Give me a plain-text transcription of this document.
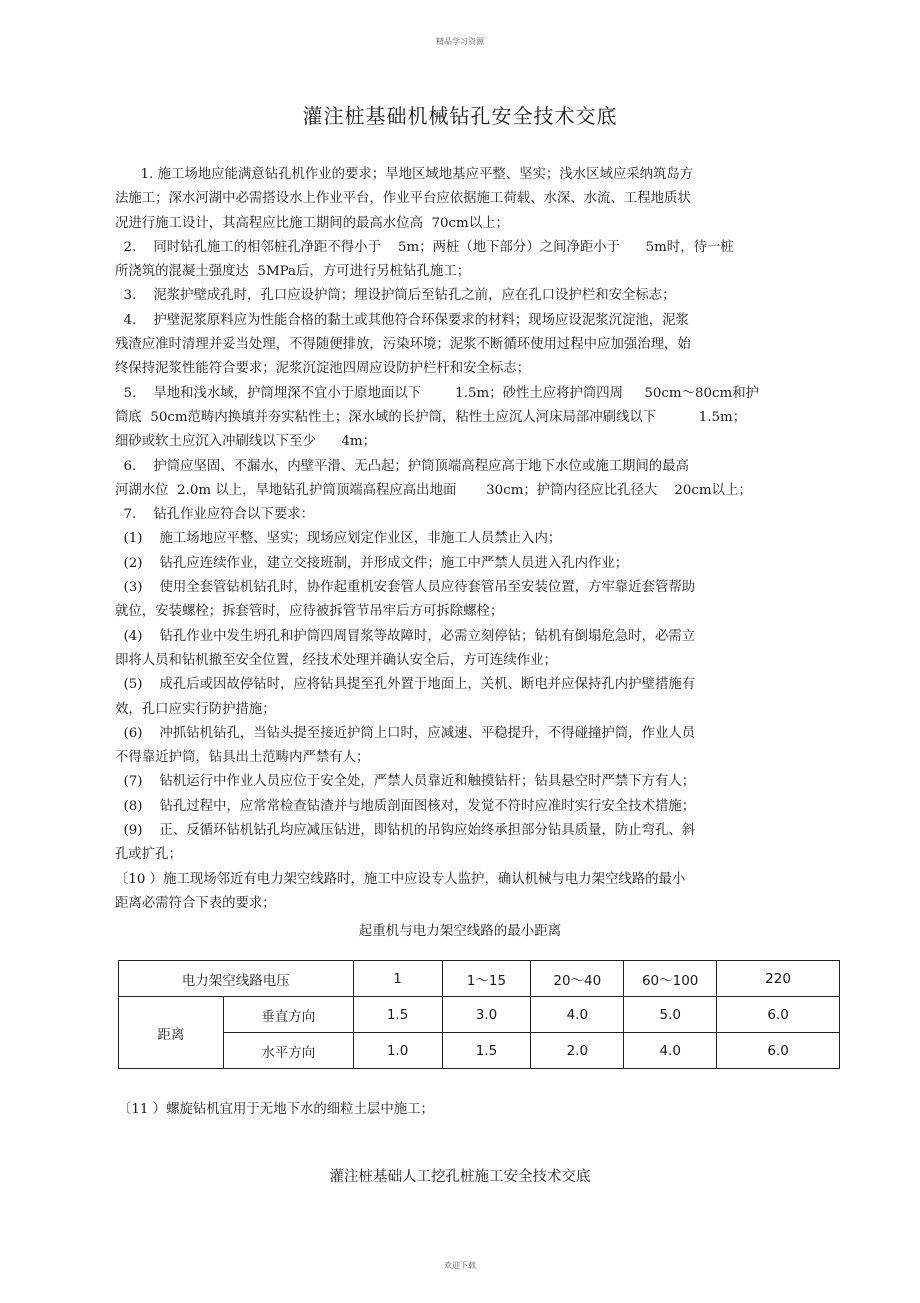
精品学习资源
灌注桩基础机械钻孔安全技术交底

1. 施工场地应能满意钻孔机作业的要求；旱地区域地基应平整、坚实；浅水区域应采纳筑岛方

法施工；深水河湖中必需搭设水上作业平台，作业平台应依据施工荷载、水深、水流、工程地质状

况进行施工设计，其高程应比施工期间的最高水位高  70cm以上；

2.    同时钻孔施工的相邻桩孔净距不得小于    5m；两桩（地下部分）之间净距小于      5m时，待一桩

所浇筑的混凝土强度达  5MPa后，方可进行另桩钻孔施工；

3.    泥浆护壁成孔时，孔口应设护筒；埋设护筒后至钻孔之前，应在孔口设护栏和安全标志；

4.    护壁泥浆原料应为性能合格的黏土或其他符合环保要求的材料；现场应设泥浆沉淀池，泥浆

残渣应准时清理并妥当处理，不得随便排放，污染环境；泥浆不断循环使用过程中应加强治理，始

终保持泥浆性能符合要求；泥浆沉淀池四周应设防护栏杆和安全标志；

5.    旱地和浅水域，护筒埋深不宜小于原地面以下        1.5m；砂性土应将护筒四周     50cm～80cm和护

筒底  50cm范畴内换填并夯实粘性土；深水域的长护筒，粘性土应沉人河床局部冲刷线以下          1.5m；

细砂或软土应沉入冲刷线以下至少      4m；

6.    护筒应坚固、不漏水，内壁平滑、无凸起；护筒顶端高程应高于地下水位或施工期间的最高

河湖水位  2.0m 以上，旱地钻孔护筒顶端高程应高出地面       30cm；护筒内径应比孔径大    20cm以上；

7.    钻孔作业应符合以下要求：

(1)    施工场地应平整、坚实；现场应划定作业区，非施工人员禁止入内；

(2)    钻孔应连续作业，建立交接班制，并形成文件；施工中严禁人员进入孔内作业；

(3)    使用全套管钻机钻孔时，协作起重机安套管人员应待套管吊至安装位置，方牢靠近套管帮助

就位，安装螺栓；拆套管时，应待被拆管节吊牢后方可拆除螺栓；

(4)    钻孔作业中发生坍孔和护筒四周冒浆等故障时，必需立刻停钻；钻机有倒塌危急时，必需立

即将人员和钻机撤至安全位置，经技术处理并确认安全后，方可连续作业；

(5)    成孔后或因故停钻时，应将钻具提至孔外置于地面上，关机、断电并应保持孔内护壁措施有

效，孔口应实行防护措施；

(6)    冲抓钻机钻孔，当钻头提至接近护筒上口时，应减速、平稳提升，不得碰撞护筒，作业人员

不得靠近护筒，钻具出土范畴内严禁有人；

(7)    钻机运行中作业人员应位于安全处，严禁人员靠近和触摸钻杆；钻具悬空时严禁下方有人；

(8)    钻孔过程中，应常常检查钻渣并与地质剖面图核对，发觉不符时应准时实行安全技术措施；

(9)    正、反循环钻机钻孔均应减压钻进，即钻机的吊钩应始终承担部分钻具质量，防止弯孔、斜

孔或扩孔；

〔10 ）施工现场邻近有电力架空线路时，施工中应设专人监护，确认机械与电力架空线路的最小

距离必需符合下表的要求；

起重机与电力架空线路的最小距离
电力架空线路电压		1	1～15	20～40	60～100	220
距离	垂直方向	1.5	3.0	4.0	5.0	6.0
	水平方向	1.0	1.5	2.0	4.0	6.0
〔11 ）螺旋钻机宜用于无地下水的细粒土层中施工；
灌注桩基础人工挖孔桩施工安全技术交底
欢迎下载
